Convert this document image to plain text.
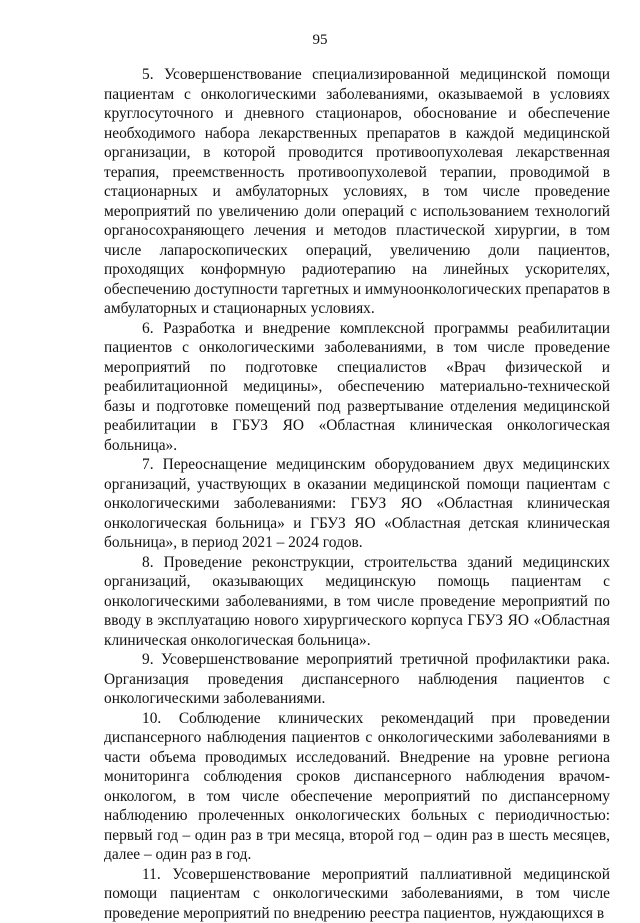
95

5. Усовершенствование специализированной медицинской помощи пациентам с онкологическими заболеваниями, оказываемой в условиях круглосуточного и дневного стационаров, обоснование и обеспечение необходимого набора лекарственных препаратов в каждой медицинской организации, в которой проводится противоопухолевая лекарственная терапия, преемственность противоопухолевой терапии, проводимой в стационарных и амбулаторных условиях, в том числе проведение мероприятий по увеличению доли операций с использованием технологий органосохраняющего лечения и методов пластической хирургии, в том числе лапароскопических операций, увеличению доли пациентов, проходящих конформную радиотерапию на линейных ускорителях, обеспечению доступности таргетных и иммуноонкологических препаратов в амбулаторных и стационарных условиях.

6. Разработка и внедрение комплексной программы реабилитации пациентов с онкологическими заболеваниями, в том числе проведение мероприятий по подготовке специалистов «Врач физической и реабилитационной медицины», обеспечению материально-технической базы и подготовке помещений под развертывание отделения медицинской реабилитации в ГБУЗ ЯО «Областная клиническая онкологическая больница».

7. Переоснащение медицинским оборудованием двух медицинских организаций, участвующих в оказании медицинской помощи пациентам с онкологическими заболеваниями: ГБУЗ ЯО «Областная клиническая онкологическая больница» и ГБУЗ ЯО «Областная детская клиническая больница», в период 2021 – 2024 годов.

8. Проведение реконструкции, строительства зданий медицинских организаций, оказывающих медицинскую помощь пациентам с онкологическими заболеваниями, в том числе проведение мероприятий по вводу в эксплуатацию нового хирургического корпуса ГБУЗ ЯО «Областная клиническая онкологическая больница».

9. Усовершенствование мероприятий третичной профилактики рака. Организация проведения диспансерного наблюдения пациентов с онкологическими заболеваниями.

10. Соблюдение клинических рекомендаций при проведении диспансерного наблюдения пациентов с онкологическими заболеваниями в части объема проводимых исследований. Внедрение на уровне региона мониторинга соблюдения сроков диспансерного наблюдения врачом-онкологом, в том числе обеспечение мероприятий по диспансерному наблюдению пролеченных онкологических больных с периодичностью: первый год – один раз в три месяца, второй год – один раз в шесть месяцев, далее – один раз в год.

11. Усовершенствование мероприятий паллиативной медицинской помощи пациентам с онкологическими заболеваниями, в том числе проведение мероприятий по внедрению реестра пациентов, нуждающихся в
